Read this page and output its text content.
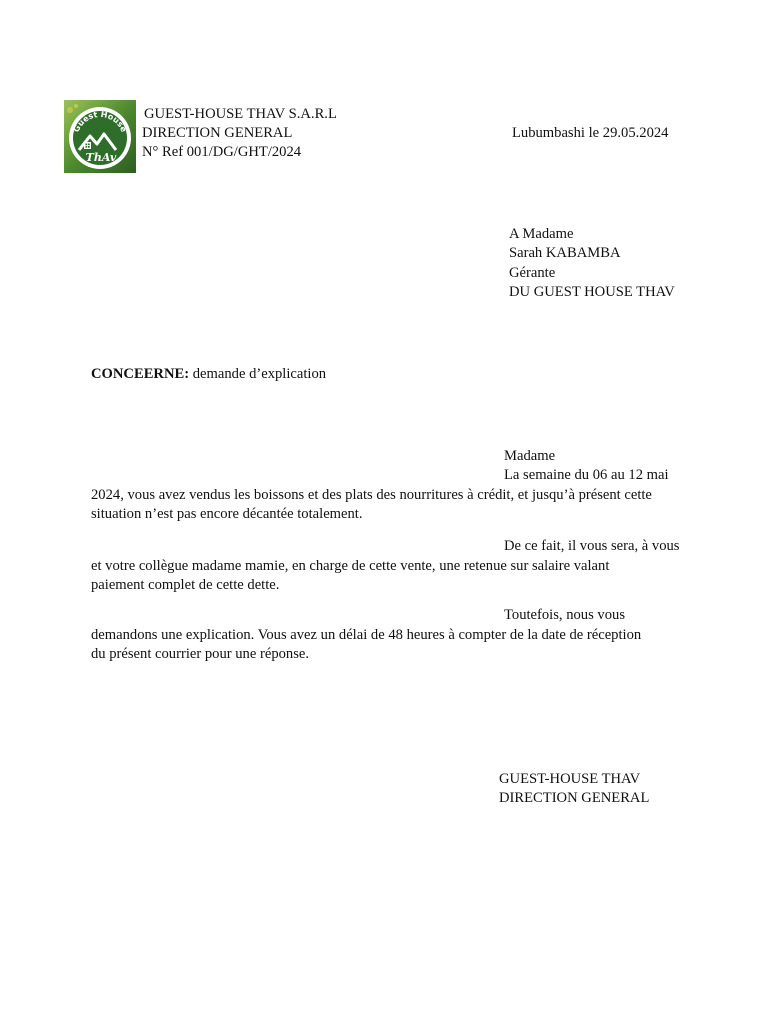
Guest House
ThAv
GUEST-HOUSE THAV S.A.R.L
DIRECTION GENERAL
N° Ref 001/DG/GHT/2024
Lubumbashi le 29.05.2024
A Madame
Sarah KABAMBA
Gérante
DU GUEST HOUSE THAV
CONCEERNE: demande d’explication
Madame
La semaine du 06 au 12 mai
2024, vous avez vendus les boissons et des plats des nourritures à crédit, et jusqu’à présent cette
situation n’est pas encore décantée totalement.
De ce fait, il vous sera, à vous
et votre collègue madame mamie, en charge de cette vente, une retenue sur salaire valant
paiement complet de cette dette.
Toutefois, nous vous
demandons une explication. Vous avez un délai de 48 heures à compter de la date de réception
du présent courrier pour une réponse.
GUEST-HOUSE THAV
DIRECTION GENERAL
